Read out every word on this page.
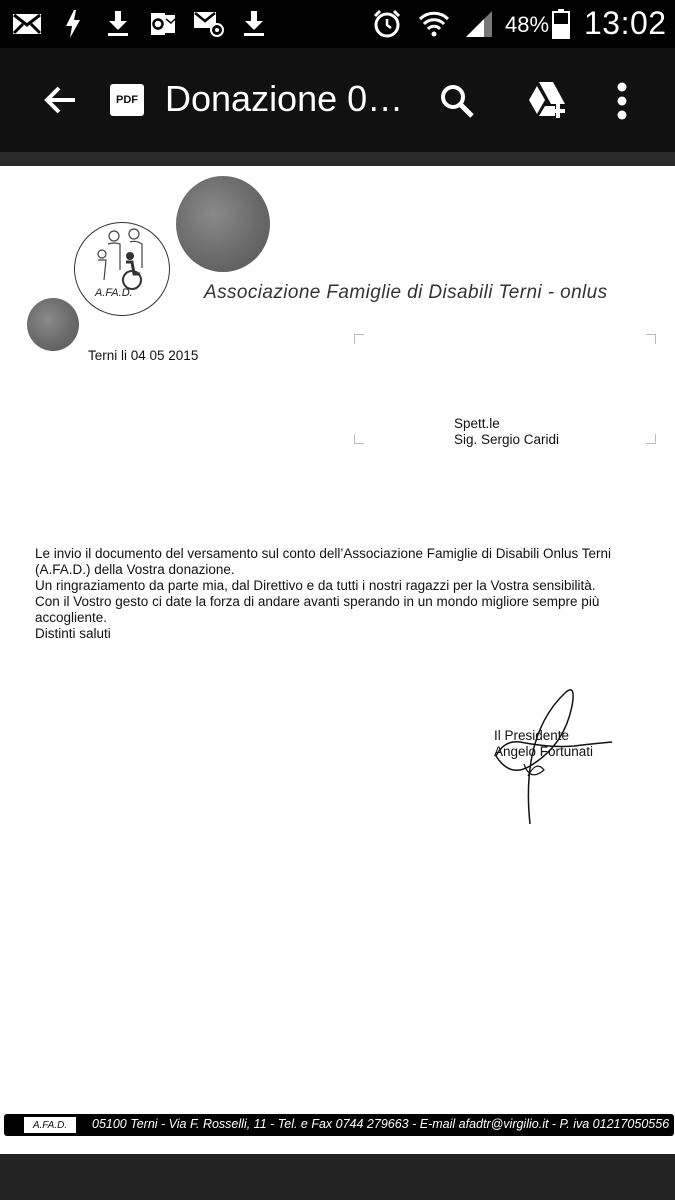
48% 13:02
PDF Donazione 0…
A.FA.D.	Associazione Famiglie di Disabili Terni - onlus
Terni li 04 05 2015
Spett.le
Sig. Sergio Caridi

Le invio il documento del versamento sul conto dell’Associazione Famiglie di Disabili Onlus Terni (A.FA.D.) della Vostra donazione.

Un ringraziamento da parte mia, dal Direttivo e da tutti i nostri ragazzi per la Vostra sensibilità.

Con il Vostro gesto ci date la forza di andare avanti sperando in un mondo migliore sempre più accogliente.

Distinti saluti

Il Presidente
Angelo Fortunati
A.FA.D.	05100 Terni - Via F. Rosselli, 11 - Tel. e Fax 0744 279663 - E-mail afadtr@virgilio.it - P. iva 01217050556
